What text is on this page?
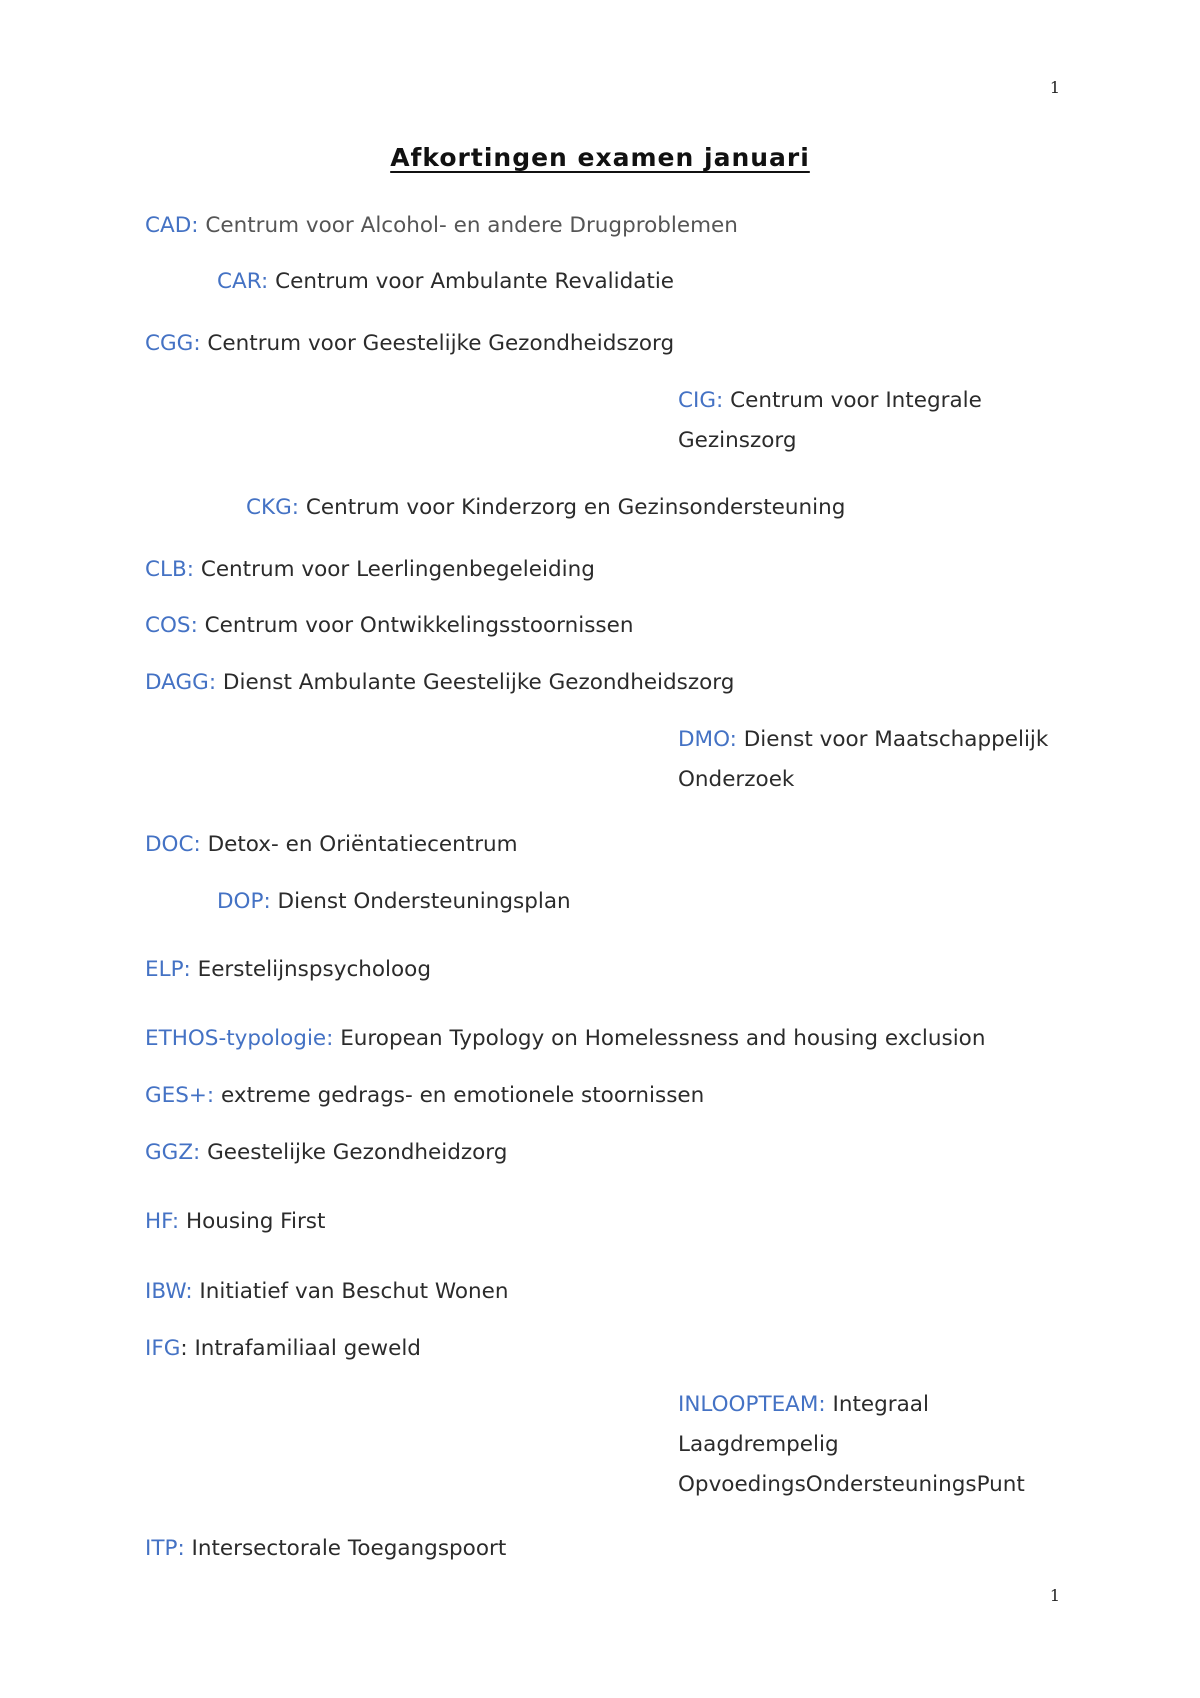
1
Afkortingen examen januari
CAD: Centrum voor Alcohol- en andere Drugproblemen
CAR: Centrum voor Ambulante Revalidatie
CGG: Centrum voor Geestelijke Gezondheidszorg
CIG: Centrum voor Integrale Gezinszorg
CKG: Centrum voor Kinderzorg en Gezinsondersteuning
CLB: Centrum voor Leerlingenbegeleiding
COS: Centrum voor Ontwikkelingsstoornissen
DAGG: Dienst Ambulante Geestelijke Gezondheidszorg
DMO: Dienst voor Maatschappelijk Onderzoek
DOC: Detox- en Oriëntatiecentrum
DOP: Dienst Ondersteuningsplan
ELP: Eerstelijnspsycholoog
ETHOS-typologie: European Typology on Homelessness and housing exclusion
GES+: extreme gedrags- en emotionele stoornissen
GGZ: Geestelijke Gezondheidzorg
HF: Housing First
IBW: Initiatief van Beschut Wonen
IFG: Intrafamiliaal geweld
INLOOPTEAM: Integraal Laagdrempelig OpvoedingsOndersteuningsPunt
ITP: Intersectorale Toegangspoort
1
